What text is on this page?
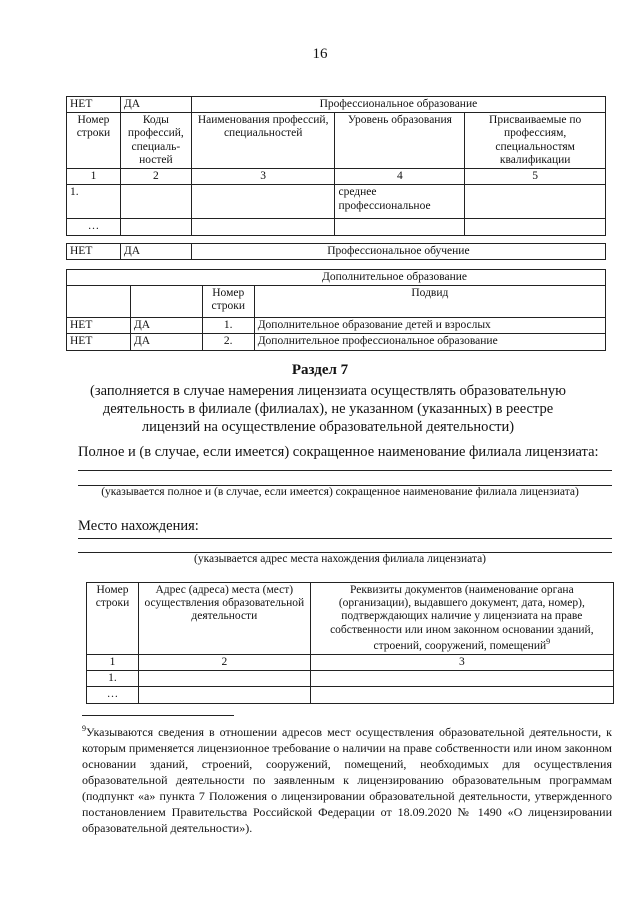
16
НЕТ	ДА	Профессиональное образование		
Номер строки	Коды профессий, специаль-ностей	Наименования профессий, специальностей	Уровень образования	Присваиваемые по профессиям, специальностям квалификации
1	2	3	4	5
1.			среднее профессиональное	
…				
НЕТ	ДА	Профессиональное обучение
Дополнительное образование			
		Номер строки	Подвид
НЕТ	ДА	1.	Дополнительное образование детей и взрослых
НЕТ	ДА	2.	Дополнительное профессиональное образование
Раздел 7
(заполняется в случае намерения лицензиата осуществлять образовательную деятельность в филиале (филиалах), не указанном (указанных) в реестре лицензий на осуществление образовательной деятельности)
Полное и (в случае, если имеется) сокращенное наименование филиала лицензиата:
(указывается полное и (в случае, если имеется) сокращенное наименование филиала лицензиата)
Место нахождения:
(указывается адрес места нахождения филиала лицензиата)
Номер строки	Адрес (адреса) места (мест) осуществления образовательной деятельности	Реквизиты документов (наименование органа (организации), выдавшего документ, дата, номер), подтверждающих наличие у лицензиата на праве собственности или ином законном основании зданий, строений, сооружений, помещений$^9$
1	2	3
1.		
…		
$^9$Указываются сведения в отношении адресов мест осуществления образовательной деятельности, к которым применяется лицензионное требование о наличии на праве собственности или ином законном основании зданий, строений, сооружений, помещений, необходимых для осуществления образовательной деятельности по заявленным к лицензированию образовательным программам (подпункт «а» пункта 7 Положения о лицензировании образовательной деятельности, утвержденного постановлением Правительства Российской Федерации от 18.09.2020 № 1490 «О лицензировании образовательной деятельности»).
